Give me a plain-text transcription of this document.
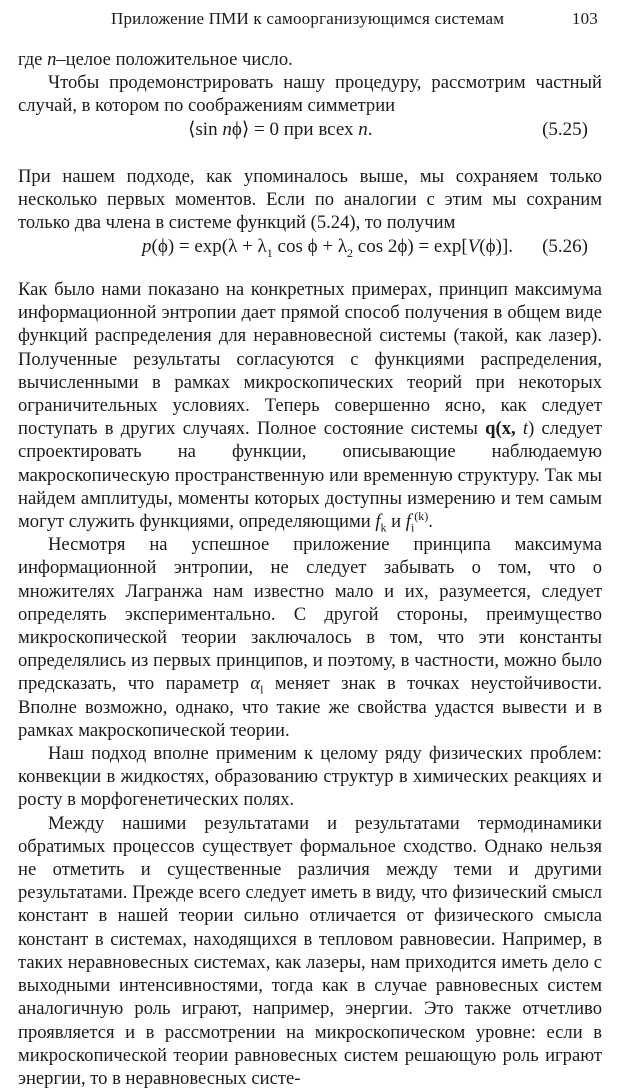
Приложение ПМИ к самоорганизующимся системам	103

где n–целое положительное число.

Чтобы продемонстрировать нашу процедуру, рассмотрим частный случай, в котором по соображениям симметрии

⟨sin nϕ⟩ = 0 при всех n.	(5.25)

При нашем подходе, как упоминалось выше, мы сохраняем только несколько первых моментов. Если по аналогии с этим мы сохраним только два члена в системе функций (5.24), то получим

$p(\phi) = \exp(\lambda + \lambda_1$ $\cos \phi + \lambda_2$ cos 2ϕ) = exp[V(ϕ)]. (5.26)

Как было нами показано на конкретных примерах, принцип максимума информационной энтропии дает прямой способ получения в общем виде функций распределения для неравновесной системы (такой, как лазер). Полученные результаты согласуются с функциями распределения, вычисленными в рамках микроскопических теорий при некоторых ограничительных условиях. Теперь совершенно ясно, как следует поступать в других случаях. Полное состояние системы q(x, t) следует спроектировать на функции, описывающие наблюдаемую макроскопическую пространственную или временную структуру. Так мы найдем амплитуды, моменты которых доступны измерению и тем самым могут служить функциями, определяющими $f_k$ и $f_i^{(k)}$.

Несмотря на успешное приложение принципа максимума информационной энтропии, не следует забывать о том, что о множителях Лагранжа нам известно мало и их, разумеется, следует определять экспериментально. С другой стороны, преимущество микроскопической теории заключалось в том, что эти константы определялись из первых принципов, и поэтому, в частности, можно было предсказать, что параметр $\alpha_l$ меняет знак в точках неустойчивости. Вполне возможно, однако, что такие же свойства удастся вывести и в рамках макроскопической теории.

Наш подход вполне применим к целому ряду физических проблем: конвекции в жидкостях, образованию структур в химических реакциях и росту в морфогенетических полях.

Между нашими результатами и результатами термодинамики обратимых процессов существует формальное сходство. Однако нельзя не отметить и существенные различия между теми и другими результатами. Прежде всего следует иметь в виду, что физический смысл констант в нашей теории сильно отличается от физического смысла констант в системах, находящихся в тепловом равновесии. Например, в таких неравновесных системах, как лазеры, нам приходится иметь дело с выходными интенсивностями, тогда как в случае равновесных систем аналогичную роль играют, например, энергии. Это также отчетливо проявляется и в рассмотрении на микроскопическом уровне: если в микроскопической теории равновесных систем решающую роль играют энергии, то в неравновесных систе-
